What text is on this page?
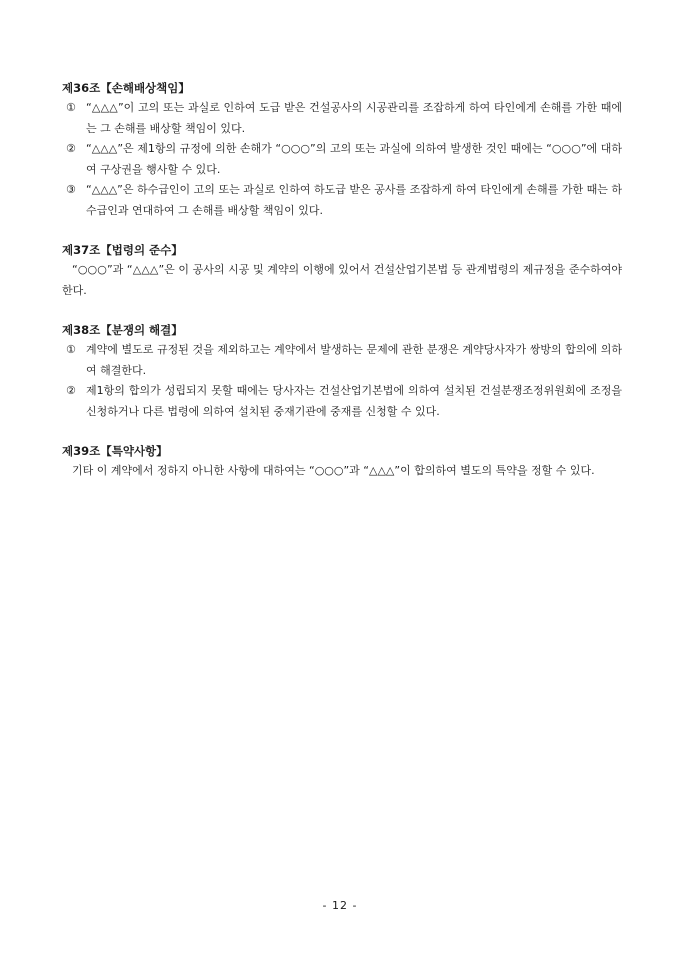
제36조【손해배상책임】
① “△△△”이 고의 또는 과실로 인하여 도급 받은 건설공사의 시공관리를 조잡하게 하여 타인에게 손해를 가한 때에는 그 손해를 배상할 책임이 있다.
② “△△△”은 제1항의 규정에 의한 손해가 “○○○”의 고의 또는 과실에 의하여 발생한 것인 때에는 “○○○”에 대하여 구상권을 행사할 수 있다.
③ “△△△”은 하수급인이 고의 또는 과실로 인하여 하도급 받은 공사를 조잡하게 하여 타인에게 손해를 가한 때는 하수급인과 연대하여 그 손해를 배상할 책임이 있다.
제37조【법령의 준수】
“○○○”과 “△△△”은 이 공사의 시공 및 계약의 이행에 있어서 건설산업기본법 등 관계법령의 제규정을 준수하여야 한다.
제38조【분쟁의 해결】
① 계약에 별도로 규정된 것을 제외하고는 계약에서 발생하는 문제에 관한 분쟁은 계약당사자가 쌍방의 합의에 의하여 해결한다.
② 제1항의 합의가 성립되지 못할 때에는 당사자는 건설산업기본법에 의하여 설치된 건설분쟁조정위원회에 조정을 신청하거나 다른 법령에 의하여 설치된 중재기관에 중재를 신청할 수 있다.
제39조【특약사항】
기타 이 계약에서 정하지 아니한 사항에 대하여는 “○○○”과 “△△△”이 합의하여 별도의 특약을 정할 수 있다.
- 12 -
